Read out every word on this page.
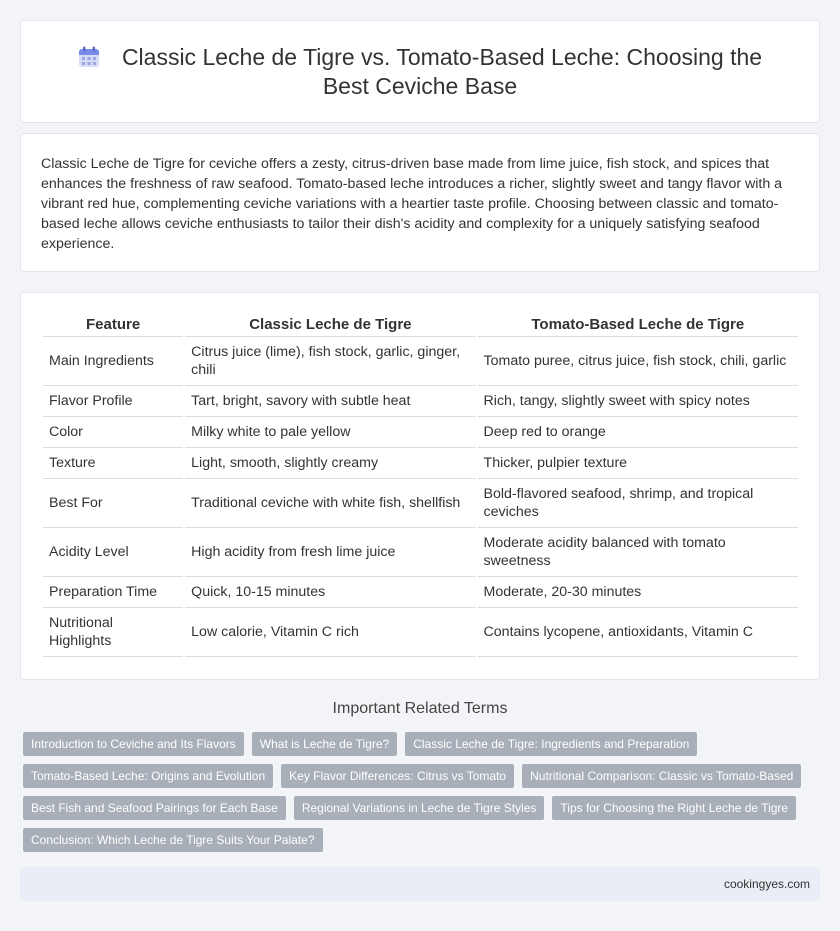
Classic Leche de Tigre vs. Tomato-Based Leche: Choosing the Best Ceviche Base

Classic Leche de Tigre for ceviche offers a zesty, citrus-driven base made from lime juice, fish stock, and spices that enhances the freshness of raw seafood. Tomato-based leche introduces a richer, slightly sweet and tangy flavor with a vibrant red hue, complementing ceviche variations with a heartier taste profile. Choosing between classic and tomato-based leche allows ceviche enthusiasts to tailor their dish's acidity and complexity for a uniquely satisfying seafood experience.

Feature	Classic Leche de Tigre	Tomato-Based Leche de Tigre
Main Ingredients	Citrus juice (lime), fish stock, garlic, ginger, chili	Tomato puree, citrus juice, fish stock, chili, garlic
Flavor Profile	Tart, bright, savory with subtle heat	Rich, tangy, slightly sweet with spicy notes
Color	Milky white to pale yellow	Deep red to orange
Texture	Light, smooth, slightly creamy	Thicker, pulpier texture
Best For	Traditional ceviche with white fish, shellfish	Bold-flavored seafood, shrimp, and tropical ceviches
Acidity Level	High acidity from fresh lime juice	Moderate acidity balanced with tomato sweetness
Preparation Time	Quick, 10-15 minutes	Moderate, 20-30 minutes
Nutritional Highlights	Low calorie, Vitamin C rich	Contains lycopene, antioxidants, Vitamin C
Important Related Terms
Introduction to Ceviche and Its Flavors	What is Leche de Tigre?	Classic Leche de Tigre: Ingredients and Preparation
Tomato-Based Leche: Origins and Evolution	Key Flavor Differences: Citrus vs Tomato	Nutritional Comparison: Classic vs Tomato-Based
Best Fish and Seafood Pairings for Each Base	Regional Variations in Leche de Tigre Styles	Tips for Choosing the Right Leche de Tigre
Conclusion: Which Leche de Tigre Suits Your Palate?
cookingyes.com
